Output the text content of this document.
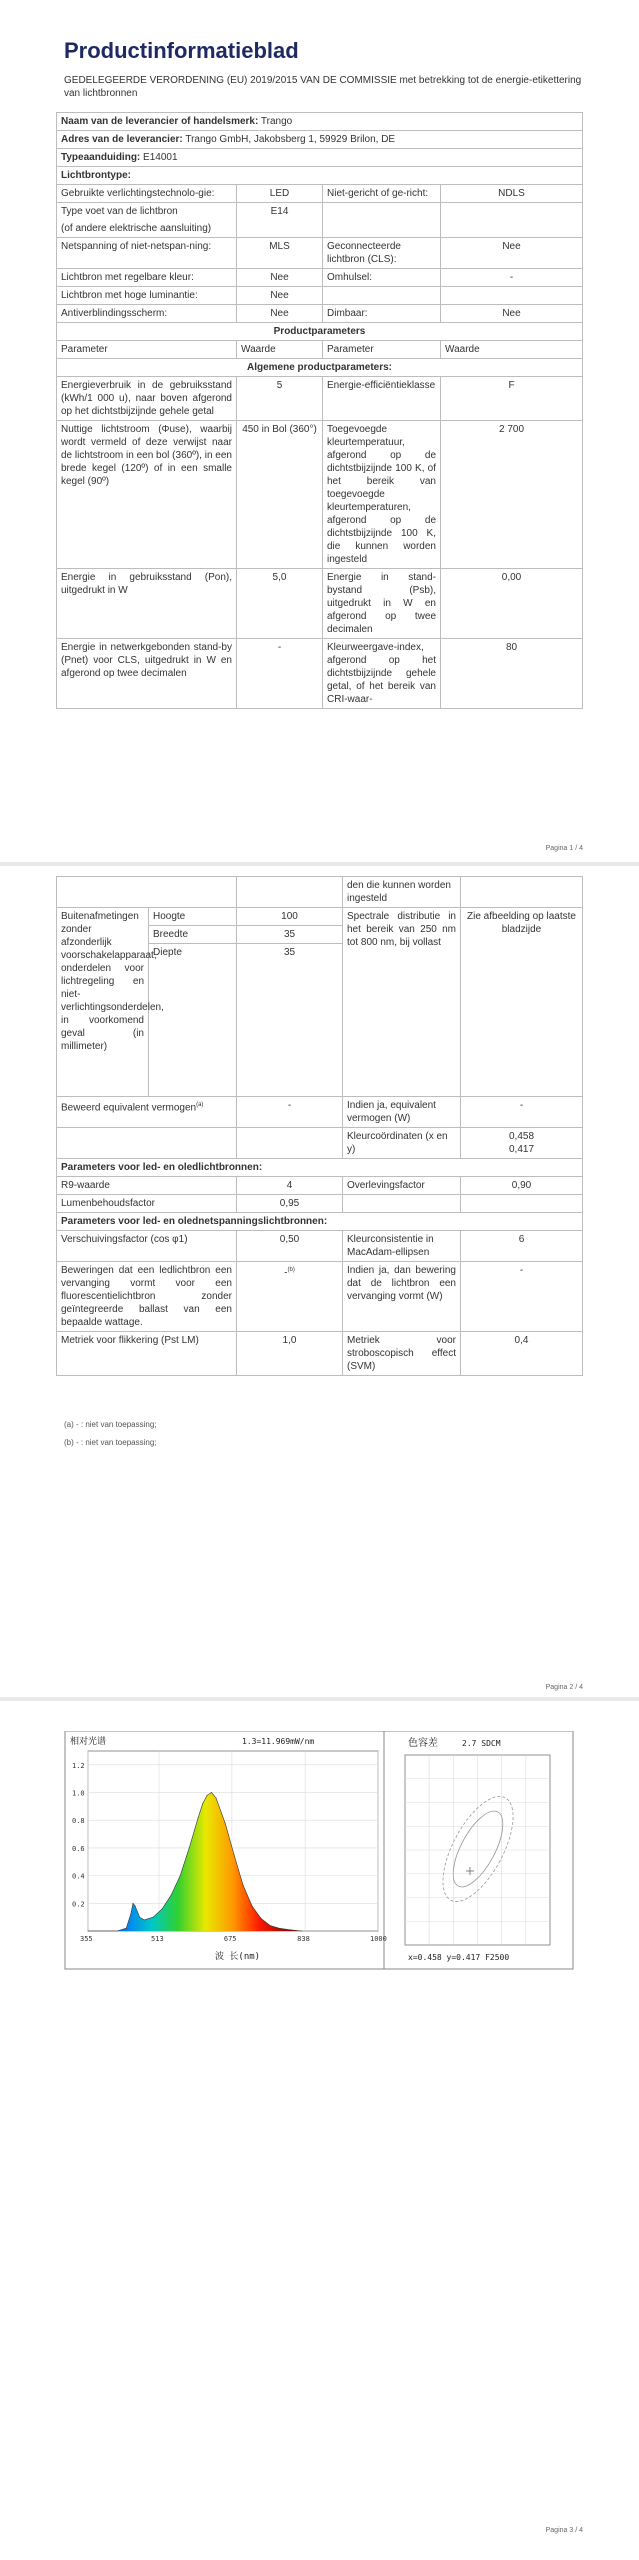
Productinformatieblad
GEDELEGEERDE VERORDENING (EU) 2019/2015 VAN DE COMMISSIE met betrekking tot de energie-etikettering van lichtbronnen
Naam van de leverancier of handelsmerk: Trango			
Adres van de leverancier: Trango GmbH, Jakobsberg 1, 59929 Brilon, DE			
Typeaanduiding: E14001			
Lichtbrontype:			
Gebruikte verlichtingstechnolo-gie:	LED	Niet-gericht of ge-richt:	NDLS

Type voet van de lichtbron
(of andere elektrische aansluiting)	E14		
Netspanning of niet-netspan-ning:	MLS	Geconnecteerde lichtbron (CLS):	Nee
Lichtbron met regelbare kleur:	Nee	Omhulsel:	-
Lichtbron met hoge luminantie:	Nee		
Antiverblindingsscherm:	Nee	Dimbaar:	Nee
Productparameters			
Parameter	Waarde	Parameter	Waarde
Algemene productparameters:			
Energieverbruik in de gebruiksstand (kWh/1 000 u), naar boven afgerond op het dichtstbijzijnde gehele getal	5	Energie-efficiëntieklasse	F
Nuttige lichtstroom (Φuse), waarbij wordt vermeld of deze verwijst naar de lichtstroom in een bol (360º), in een brede kegel (120º) of in een smalle kegel (90º)	450 in Bol (360°)	Toegevoegde kleurtemperatuur, afgerond op de dichtstbijzijnde 100 K, of het bereik van toegevoegde kleurtemperaturen, afgerond op de dichtstbijzijnde 100 K, die kunnen worden ingesteld	2 700
Energie in gebruiksstand (Pon), uitgedrukt in W	5,0	Energie in stand-bystand (Psb), uitgedrukt in W en afgerond op twee decimalen	0,00
Energie in netwerkgebonden stand-by (Pnet) voor CLS, uitgedrukt in W en afgerond op twee decimalen	-	Kleurweergave-index, afgerond op het dichtstbijzijnde gehele getal, of het bereik van CRI-waar-	80
Pagina 1 / 4
			den die kunnen worden ingesteld	
Buitenafmetingen zonder afzonderlijk voorschakelapparaat, onderdelen voor lichtregeling en niet-verlichtingsonderdelen, in voorkomend geval (in millimeter)	Hoogte	100	Spectrale distributie in het bereik van 250 nm tot 800 nm, bij vollast	Zie afbeelding op laatste bladzijde
	Breedte	35		
	Diepte	35		
Beweerd equivalent vermogen$^{(a)}$		-	Indien ja, equivalent vermogen (W)	-
			Kleurcoördinaten (x en y)	0,458
0,417

Parameters voor led- en oledlichtbronnen:				
R9-waarde		4	Overlevingsfactor	0,90
Lumenbehoudsfactor		0,95		
Parameters voor led- en olednetspanningslichtbronnen:				
Verschuivingsfactor (cos φ1)		0,50	Kleurconsistentie in MacAdam-ellipsen	6
Beweringen dat een ledlichtbron een vervanging vormt voor een fluorescentielichtbron zonder geïntegreerde ballast van een bepaalde wattage.		-$^{(b)}$	Indien ja, dan bewering dat de lichtbron een vervanging vormt (W)	-
Metriek voor flikkering (Pst LM)		1,0	Metriek voor stroboscopisch effect (SVM)	0,4
(a) - : niet van toepassing;
(b) - : niet van toepassing;
Pagina 2 / 4
相对光谱	1.3=11.969mW/nm
1.2
1.0
0.8
0.6
0.4
0.2
355	513	675	838	1000
波 长(nm)
色容差	2.7 SDCM
x=0.458 y=0.417 F2500
Pagina 3 / 4
